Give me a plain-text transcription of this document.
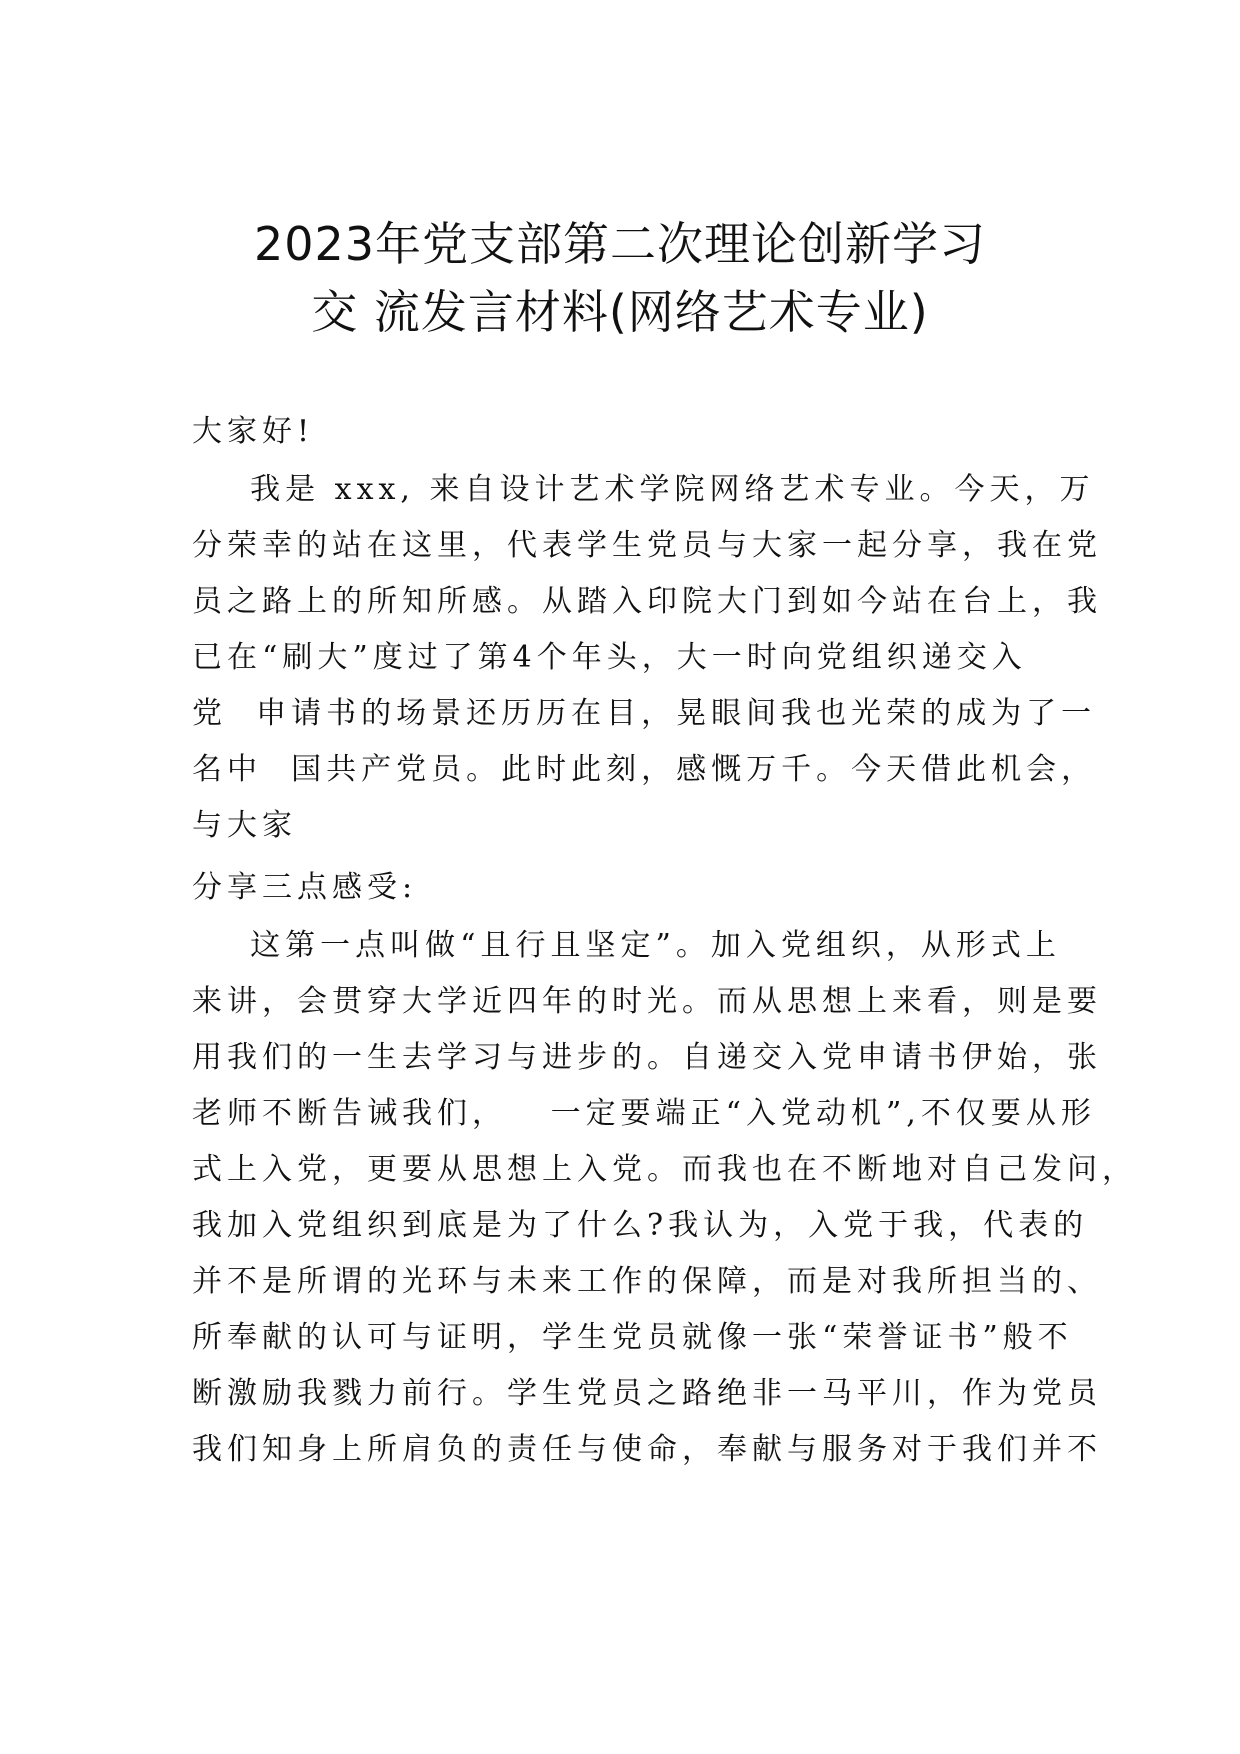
2023年党支部第二次理论创新学习
交 流发言材料(网络艺术专业)

大家好!

我是 xxx, 来自设计艺术学院网络艺术专业。今天，万
分荣幸的站在这里，代表学生党员与大家一起分享，我在党
员之路上的所知所感。从踏入印院大门到如今站在台上，我
已在“刷大”度过了第4个年头，大一时向党组织递交入
党  申请书的场景还历历在目，晃眼间我也光荣的成为了一
名中  国共产党员。此时此刻，感慨万千。今天借此机会，
与大家

分享三点感受:

这第一点叫做“且行且坚定”。加入党组织，从形式上
来讲，会贯穿大学近四年的时光。而从思想上来看，则是要
用我们的一生去学习与进步的。自递交入党申请书伊始，张
老师不断告诫我们，   一定要端正“入党动机”,不仅要从形
式上入党，更要从思想上入党。而我也在不断地对自己发问，
我加入党组织到底是为了什么?我认为，入党于我，代表的
并不是所谓的光环与未来工作的保障，而是对我所担当的、
所奉献的认可与证明，学生党员就像一张“荣誉证书”般不
断激励我戮力前行。学生党员之路绝非一马平川，作为党员
我们知身上所肩负的责任与使命，奉献与服务对于我们并不
